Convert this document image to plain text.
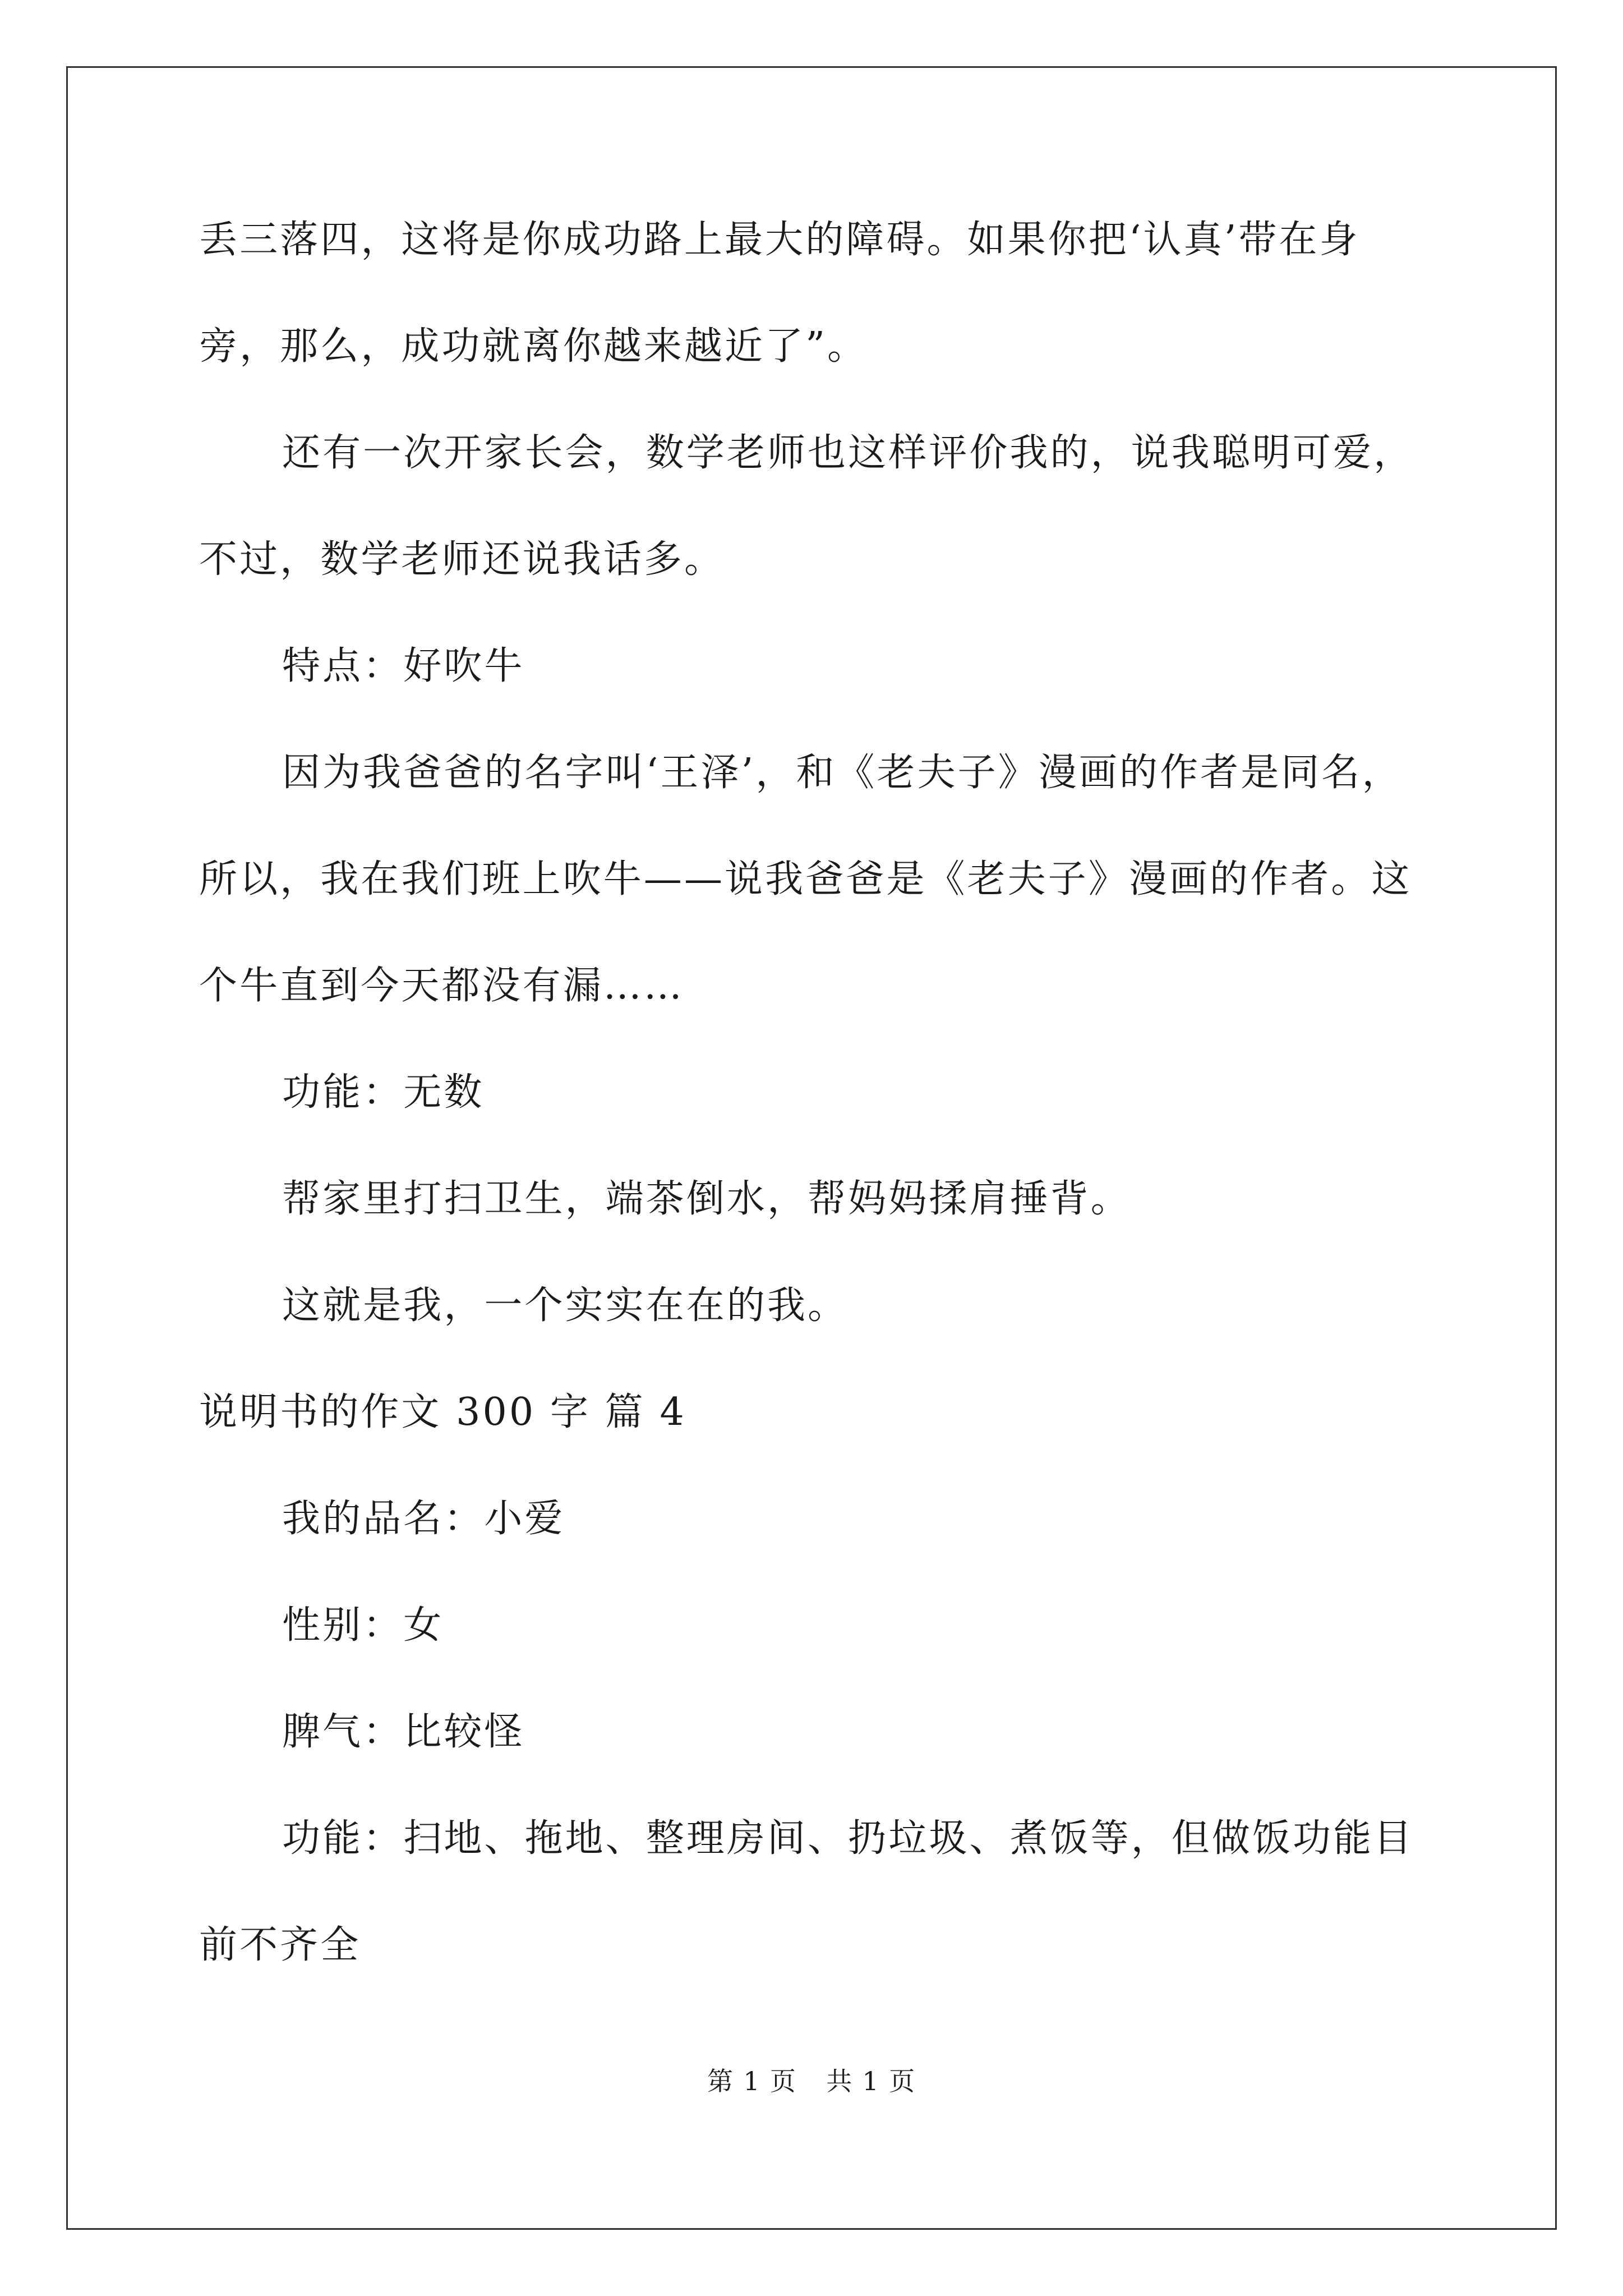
丢三落四，这将是你成功路上最大的障碍。如果你把‘认真’带在身

旁，那么，成功就离你越来越近了”。

还有一次开家长会，数学老师也这样评价我的，说我聪明可爱，

不过，数学老师还说我话多。

特点：好吹牛

因为我爸爸的名字叫‘王泽’，和《老夫子》漫画的作者是同名，

所以，我在我们班上吹牛——说我爸爸是《老夫子》漫画的作者。这

个牛直到今天都没有漏……

功能：无数

帮家里打扫卫生，端茶倒水，帮妈妈揉肩捶背。

这就是我，一个实实在在的我。

说明书的作文 300 字 篇 4

我的品名：小爱

性别：女

脾气：比较怪

功能：扫地、拖地、整理房间、扔垃圾、煮饭等，但做饭功能目

前不齐全

第 1 页 共 1 页
